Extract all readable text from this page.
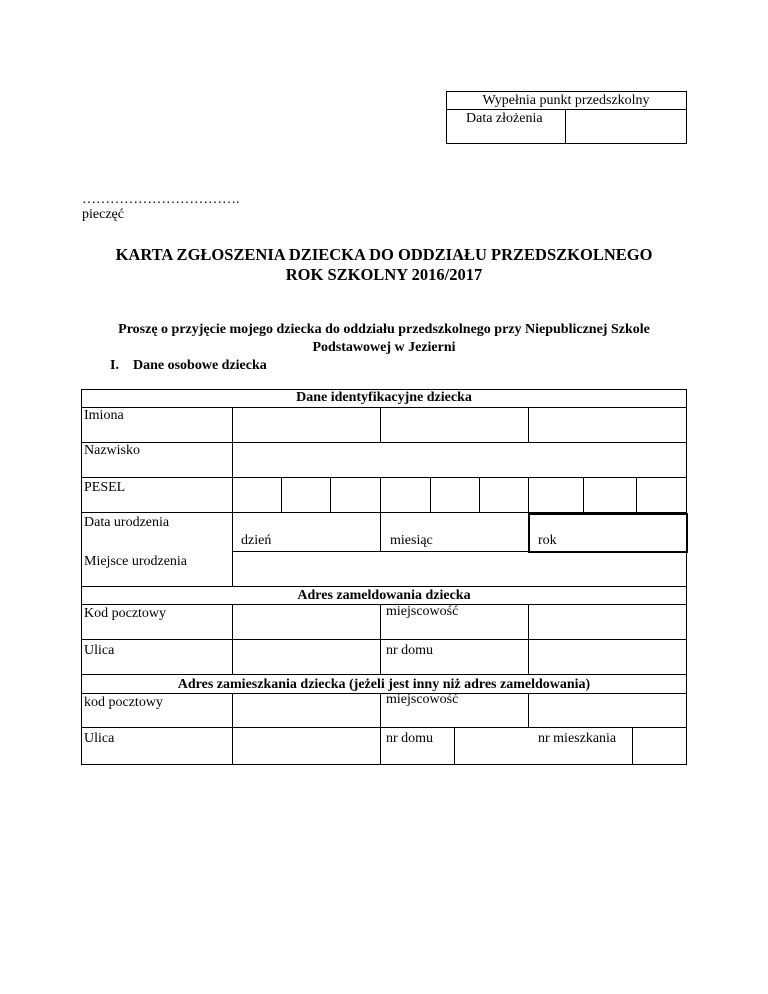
Wypełnia punkt przedszkolny
Data złożenia
…………………………….
pieczęć
KARTA ZGŁOSZENIA DZIECKA DO ODDZIAŁU PRZEDSZKOLNEGO
ROK SZKOLNY 2016/2017
Proszę o przyjęcie mojego dziecka do oddziału przedszkolnego przy Niepublicznej Szkole
Podstawowej w Jezierni
I. Dane osobowe dziecka
Dane identyfikacyjne dziecka
Imiona
Nazwisko
PESEL
Data urodzenia
dzień	miesiąc	rok
Miejsce urodzenia
Adres zameldowania dziecka
Kod pocztowy	miejscowość
Ulica	nr domu
Adres zamieszkania dziecka (jeżeli jest inny niż adres zameldowania)
kod pocztowy	miejscowość
Ulica	nr domu	nr mieszkania
